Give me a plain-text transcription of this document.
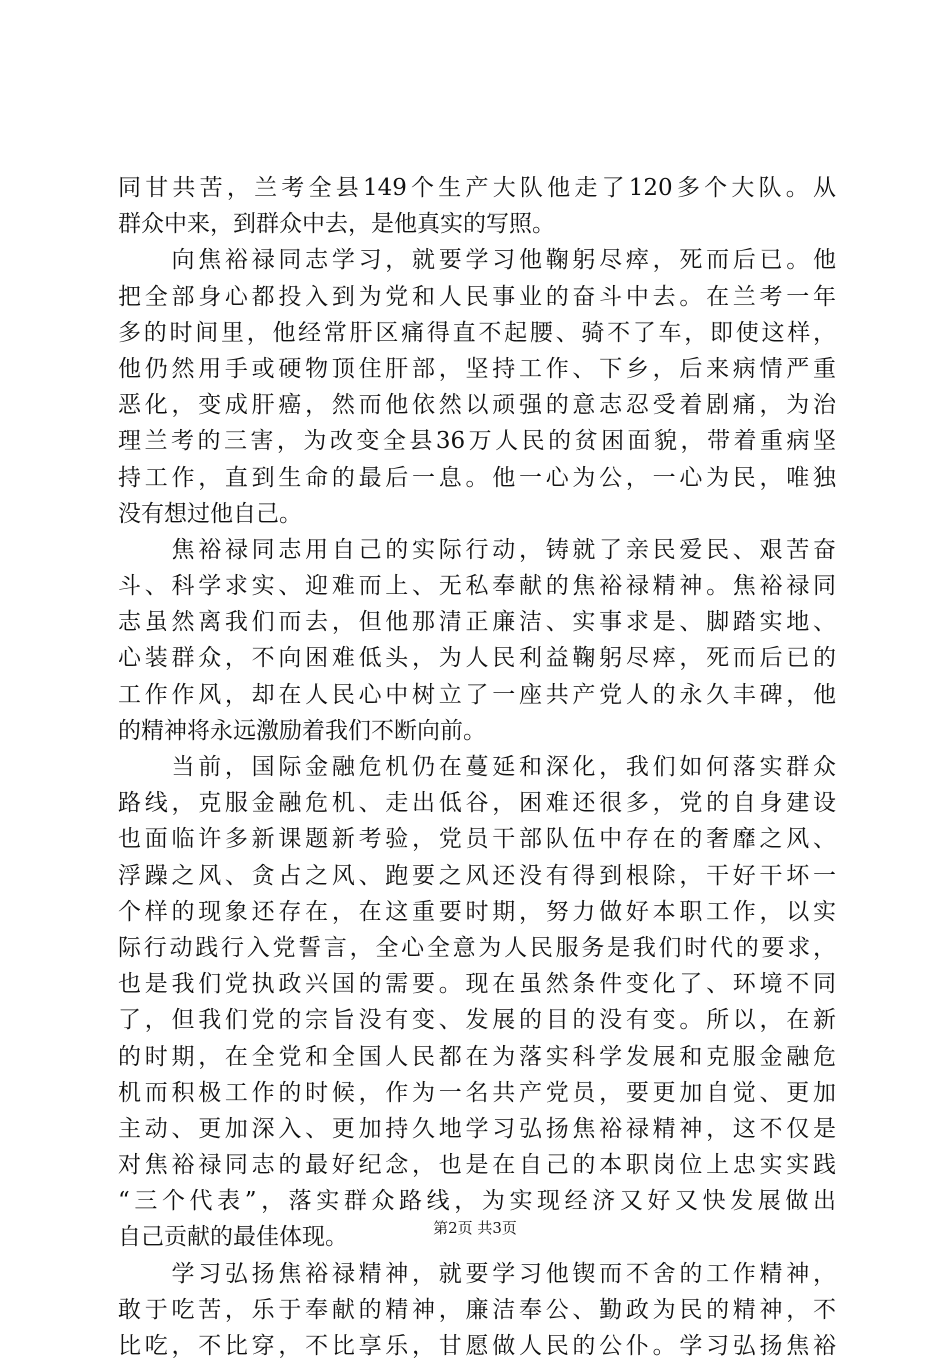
同甘共苦，兰考全县149个生产大队他走了120多个大队。从
群众中来，到群众中去，是他真实的写照。
　　向焦裕禄同志学习，就要学习他鞠躬尽瘁，死而后已。他
把全部身心都投入到为党和人民事业的奋斗中去。在兰考一年
多的时间里，他经常肝区痛得直不起腰、骑不了车，即使这样，
他仍然用手或硬物顶住肝部，坚持工作、下乡，后来病情严重
恶化，变成肝癌，然而他依然以顽强的意志忍受着剧痛，为治
理兰考的三害，为改变全县36万人民的贫困面貌，带着重病坚
持工作，直到生命的最后一息。他一心为公，一心为民，唯独
没有想过他自己。
　　焦裕禄同志用自己的实际行动，铸就了亲民爱民、艰苦奋
斗、科学求实、迎难而上、无私奉献的焦裕禄精神。焦裕禄同
志虽然离我们而去，但他那清正廉洁、实事求是、脚踏实地、
心装群众，不向困难低头，为人民利益鞠躬尽瘁，死而后已的
工作作风，却在人民心中树立了一座共产党人的永久丰碑，他
的精神将永远激励着我们不断向前。
　　当前，国际金融危机仍在蔓延和深化，我们如何落实群众
路线，克服金融危机、走出低谷，困难还很多，党的自身建设
也面临许多新课题新考验，党员干部队伍中存在的奢靡之风、
浮躁之风、贪占之风、跑要之风还没有得到根除，干好干坏一
个样的现象还存在，在这重要时期，努力做好本职工作，以实
际行动践行入党誓言，全心全意为人民服务是我们时代的要求，
也是我们党执政兴国的需要。现在虽然条件变化了、环境不同
了，但我们党的宗旨没有变、发展的目的没有变。所以，在新
的时期，在全党和全国人民都在为落实科学发展和克服金融危
机而积极工作的时候，作为一名共产党员，要更加自觉、更加
主动、更加深入、更加持久地学习弘扬焦裕禄精神，这不仅是
对焦裕禄同志的最好纪念，也是在自己的本职岗位上忠实实践
“三个代表”，落实群众路线，为实现经济又好又快发展做出
自己贡献的最佳体现。
　　学习弘扬焦裕禄精神，就要学习他锲而不舍的工作精神，
敢于吃苦，乐于奉献的精神，廉洁奉公、勤政为民的精神，不
比吃，不比穿，不比享乐，甘愿做人民的公仆。学习弘扬焦裕
第2页 共3页
